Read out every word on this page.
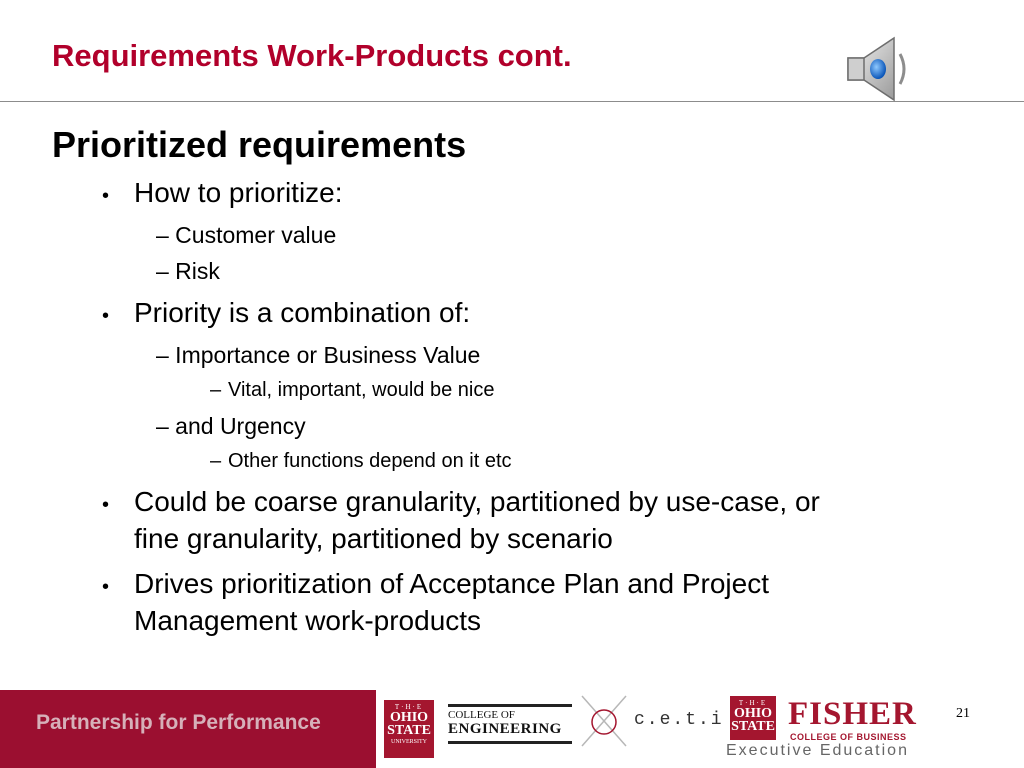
Requirements Work-Products cont.
Prioritized requirements
• How to prioritize:
– Customer value
– Risk
• Priority is a combination of:
– Importance or Business Value
– Vital, important, would be nice
– and Urgency
– Other functions depend on it etc
• Could be coarse granularity, partitioned by use-case, or
fine granularity, partitioned by scenario
• Drives prioritization of Acceptance Plan and Project
Management work-products
Partnership for Performance
T·H·E
OHIO
STATE
UNIVERSITY
COLLEGE OF
ENGINEERING	c.e.t.i
T·H·E
OHIO
STATE FISHER
COLLEGE OF BUSINESS
Executive Education
21
